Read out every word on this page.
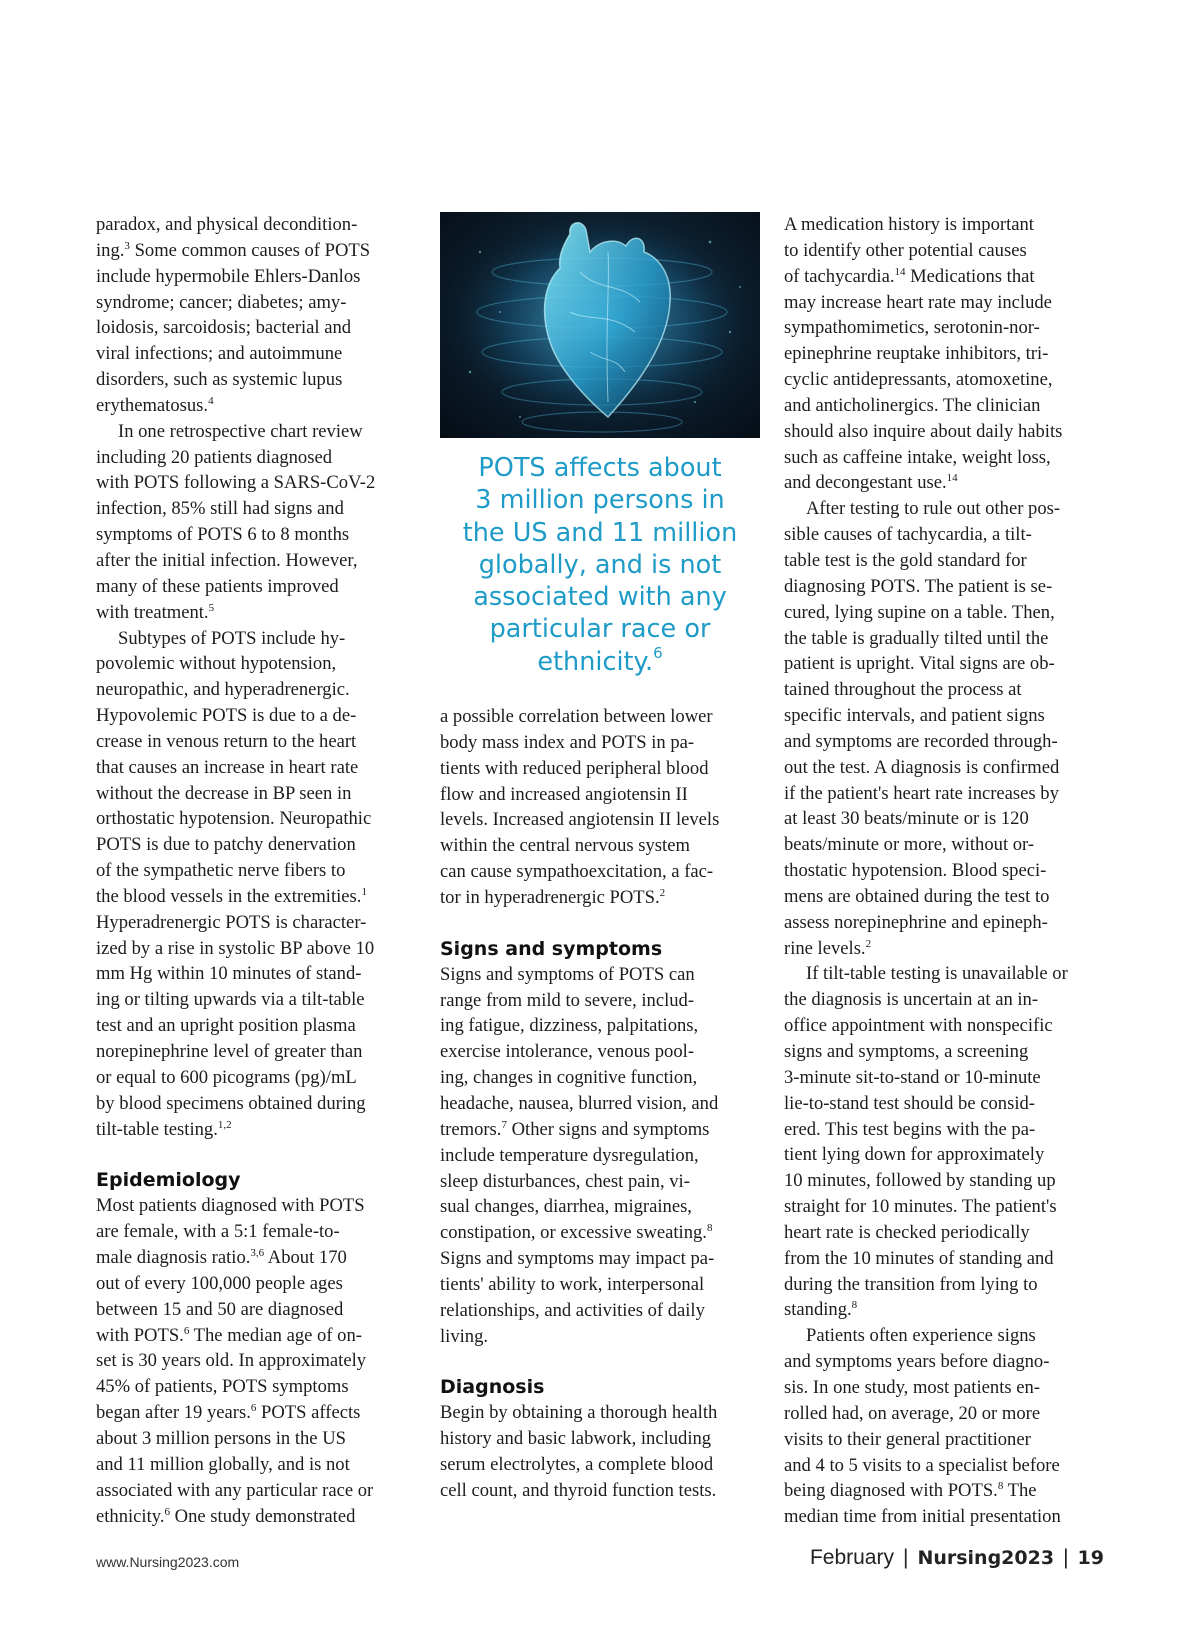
paradox, and physical decondition-
ing.$^3$ Some common causes of POTS
include hypermobile Ehlers-Danlos
syndrome; cancer; diabetes; amy-
loidosis, sarcoidosis; bacterial and
viral infections; and autoimmune
disorders, such as systemic lupus
erythematosus.$^4$
In one retrospective chart review
including 20 patients diagnosed
with POTS following a SARS-CoV-2
infection, 85% still had signs and
symptoms of POTS 6 to 8 months
after the initial infection. However,
many of these patients improved
with treatment.$^5$
Subtypes of POTS include hy-
povolemic without hypotension,
neuropathic, and hyperadrenergic.
Hypovolemic POTS is due to a de-
crease in venous return to the heart
that causes an increase in heart rate
without the decrease in BP seen in
orthostatic hypotension. Neuropathic
POTS is due to patchy denervation
of the sympathetic nerve fibers to
the blood vessels in the extremities.$^1$
Hyperadrenergic POTS is character-
ized by a rise in systolic BP above 10
mm Hg within 10 minutes of stand-
ing or tilting upwards via a tilt-table
test and an upright position plasma
norepinephrine level of greater than
or equal to 600 picograms (pg)/mL
by blood specimens obtained during
tilt-table testing.$^{1,2}$
Epidemiology
Most patients diagnosed with POTS
are female, with a 5:1 female-to-
male diagnosis ratio.$^{3,6}$ About 170
out of every 100,000 people ages
between 15 and 50 are diagnosed
with POTS.$^6$ The median age of on-
set is 30 years old. In approximately
45% of patients, POTS symptoms
began after 19 years.$^6$ POTS affects
about 3 million persons in the US
and 11 million globally, and is not
associated with any particular race or
ethnicity.$^6$ One study demonstrated
POTS affects about
3 million persons in
the US and 11 million
globally, and is not
associated with any
particular race or
ethnicity.$^6$
a possible correlation between lower
body mass index and POTS in pa-
tients with reduced peripheral blood
flow and increased angiotensin II
levels. Increased angiotensin II levels
within the central nervous system
can cause sympathoexcitation, a fac-
tor in hyperadrenergic POTS.$^2$
Signs and symptoms
Signs and symptoms of POTS can
range from mild to severe, includ-
ing fatigue, dizziness, palpitations,
exercise intolerance, venous pool-
ing, changes in cognitive function,
headache, nausea, blurred vision, and
tremors.$^7$ Other signs and symptoms
include temperature dysregulation,
sleep disturbances, chest pain, vi-
sual changes, diarrhea, migraines,
constipation, or excessive sweating.$^8$
Signs and symptoms may impact pa-
tients' ability to work, interpersonal
relationships, and activities of daily
living.
Diagnosis
Begin by obtaining a thorough health
history and basic labwork, including
serum electrolytes, a complete blood
cell count, and thyroid function tests.
A medication history is important
to identify other potential causes
of tachycardia.$^{14}$ Medications that
may increase heart rate may include
sympathomimetics, serotonin-nor-
epinephrine reuptake inhibitors, tri-
cyclic antidepressants, atomoxetine,
and anticholinergics. The clinician
should also inquire about daily habits
such as caffeine intake, weight loss,
and decongestant use.$^{14}$
After testing to rule out other pos-
sible causes of tachycardia, a tilt-
table test is the gold standard for
diagnosing POTS. The patient is se-
cured, lying supine on a table. Then,
the table is gradually tilted until the
patient is upright. Vital signs are ob-
tained throughout the process at
specific intervals, and patient signs
and symptoms are recorded through-
out the test. A diagnosis is confirmed
if the patient's heart rate increases by
at least 30 beats/minute or is 120
beats/minute or more, without or-
thostatic hypotension. Blood speci-
mens are obtained during the test to
assess norepinephrine and epineph-
rine levels.$^2$
If tilt-table testing is unavailable or
the diagnosis is uncertain at an in-
office appointment with nonspecific
signs and symptoms, a screening
3-minute sit-to-stand or 10-minute
lie-to-stand test should be consid-
ered. This test begins with the pa-
tient lying down for approximately
10 minutes, followed by standing up
straight for 10 minutes. The patient's
heart rate is checked periodically
from the 10 minutes of standing and
during the transition from lying to
standing.$^8$
Patients often experience signs
and symptoms years before diagno-
sis. In one study, most patients en-
rolled had, on average, 20 or more
visits to their general practitioner
and 4 to 5 visits to a specialist before
being diagnosed with POTS.$^8$ The
median time from initial presentation
www.Nursing2023.com	February | Nursing2023 | 19
